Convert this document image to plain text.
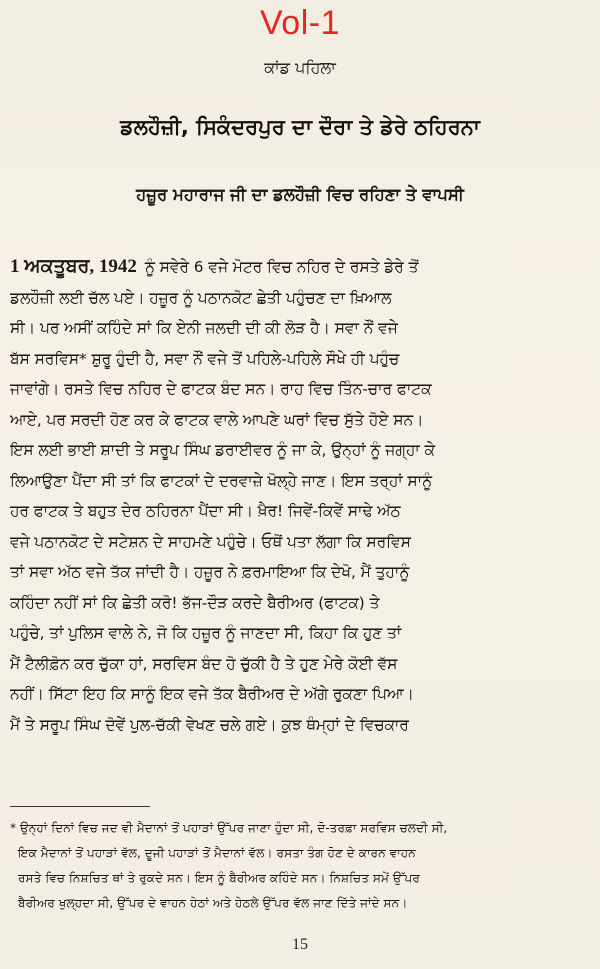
Vol-1
ਕਾਂਡ ਪਹਿਲਾ
ਡਲਹੌਜ਼ੀ, ਸਿਕੰਦਰਪੁਰ ਦਾ ਦੌਰਾ ਤੇ ਡੇਰੇ ਠਹਿਰਨਾ
ਹਜ਼ੂਰ ਮਹਾਰਾਜ ਜੀ ਦਾ ਡਲਹੌਜ਼ੀ ਵਿਚ ਰਹਿਣਾ ਤੇ ਵਾਪਸੀ
1 ਅਕਤੂਬਰ, 1942 ਨੂੰ ਸਵੇਰੇ 6 ਵਜੇ ਮੋਟਰ ਵਿਚ ਨਹਿਰ ਦੇ ਰਸਤੇ ਡੇਰੇ ਤੋਂ
ਡਲਹੌਜ਼ੀ ਲਈ ਚੱਲ ਪਏ। ਹਜ਼ੂਰ ਨੂੰ ਪਠਾਨਕੋਟ ਛੇਤੀ ਪਹੁੰਚਣ ਦਾ ਖ਼ਿਆਲ
ਸੀ। ਪਰ ਅਸੀਂ ਕਹਿੰਦੇ ਸਾਂ ਕਿ ਏਨੀ ਜਲਦੀ ਦੀ ਕੀ ਲੋੜ ਹੈ। ਸਵਾ ਨੌਂ ਵਜੇ
ਬੱਸ ਸਰਵਿਸ* ਸ਼ੁਰੂ ਹੁੰਦੀ ਹੈ, ਸਵਾ ਨੌਂ ਵਜੇ ਤੋਂ ਪਹਿਲੇ-ਪਹਿਲੇ ਸੌਖੇ ਹੀ ਪਹੁੰਚ
ਜਾਵਾਂਗੇ। ਰਸਤੇ ਵਿਚ ਨਹਿਰ ਦੇ ਫਾਟਕ ਬੰਦ ਸਨ। ਰਾਹ ਵਿਚ ਤਿੰਨ-ਚਾਰ ਫਾਟਕ
ਆਏ, ਪਰ ਸਰਦੀ ਹੋਣ ਕਰ ਕੇ ਫਾਟਕ ਵਾਲੇ ਆਪਣੇ ਘਰਾਂ ਵਿਚ ਸੁੱਤੇ ਹੋਏ ਸਨ।
ਇਸ ਲਈ ਭਾਈ ਸ਼ਾਦੀ ਤੇ ਸਰੂਪ ਸਿੰਘ ਡਰਾਈਵਰ ਨੂੰ ਜਾ ਕੇ, ਉਨ੍ਹਾਂ ਨੂੰ ਜਗ੍ਹਾ ਕੇ
ਲਿਆਉਣਾ ਪੈਂਦਾ ਸੀ ਤਾਂ ਕਿ ਫਾਟਕਾਂ ਦੇ ਦਰਵਾਜ਼ੇ ਖੋਲ੍ਹੇ ਜਾਣ। ਇਸ ਤਰ੍ਹਾਂ ਸਾਨੂੰ
ਹਰ ਫਾਟਕ ਤੇ ਬਹੁਤ ਦੇਰ ਠਹਿਰਨਾ ਪੈਂਦਾ ਸੀ। ਖ਼ੈਰ! ਜਿਵੇਂ-ਕਿਵੇਂ ਸਾਢੇ ਅੱਠ
ਵਜੇ ਪਠਾਨਕੋਟ ਦੇ ਸਟੇਸ਼ਨ ਦੇ ਸਾਹਮਣੇ ਪਹੁੰਚੇ। ਓਥੋਂ ਪਤਾ ਲੱਗਾ ਕਿ ਸਰਵਿਸ
ਤਾਂ ਸਵਾ ਅੱਠ ਵਜੇ ਤੱਕ ਜਾਂਦੀ ਹੈ। ਹਜ਼ੂਰ ਨੇ ਫ਼ਰਮਾਇਆ ਕਿ ਦੇਖੋ, ਮੈਂ ਤੁਹਾਨੂੰ
ਕਹਿੰਦਾ ਨਹੀਂ ਸਾਂ ਕਿ ਛੇਤੀ ਕਰੋ! ਭੱਜ-ਦੌੜ ਕਰਦੇ ਬੈਰੀਅਰ (ਫਾਟਕ) ਤੇ
ਪਹੁੰਚੇ, ਤਾਂ ਪੁਲਿਸ ਵਾਲੇ ਨੇ, ਜੋ ਕਿ ਹਜ਼ੂਰ ਨੂੰ ਜਾਣਦਾ ਸੀ, ਕਿਹਾ ਕਿ ਹੁਣ ਤਾਂ
ਮੈਂ ਟੈਲੀਫ਼ੋਨ ਕਰ ਚੁੱਕਾ ਹਾਂ, ਸਰਵਿਸ ਬੰਦ ਹੋ ਚੁੱਕੀ ਹੈ ਤੇ ਹੁਣ ਮੇਰੇ ਕੋਈ ਵੱਸ
ਨਹੀਂ। ਸਿੱਟਾ ਇਹ ਕਿ ਸਾਨੂੰ ਇਕ ਵਜੇ ਤੱਕ ਬੈਰੀਅਰ ਦੇ ਅੱਗੇ ਰੁਕਣਾ ਪਿਆ।
ਮੈਂ ਤੇ ਸਰੂਪ ਸਿੰਘ ਦੋਵੇਂ ਪੁਲ-ਚੱਕੀ ਵੇਖਣ ਚਲੇ ਗਏ। ਕੁਝ ਥੰਮ੍ਹਾਂ ਦੇ ਵਿਚਕਾਰ
* ਉਨ੍ਹਾਂ ਦਿਨਾਂ ਵਿਚ ਜਦ ਵੀ ਮੈਦਾਨਾਂ ਤੋਂ ਪਹਾੜਾਂ ਉੱਪਰ ਜਾਣਾ ਹੁੰਦਾ ਸੀ, ਦੋ-ਤਰਫ਼ਾ ਸਰਵਿਸ ਚਲਦੀ ਸੀ,
ਇਕ ਮੈਦਾਨਾਂ ਤੋਂ ਪਹਾੜਾਂ ਵੱਲ, ਦੂਜੀ ਪਹਾੜਾਂ ਤੋਂ ਮੈਦਾਨਾਂ ਵੱਲ। ਰਸਤਾ ਤੰਗ ਹੋਣ ਦੇ ਕਾਰਨ ਵਾਹਨ
ਰਸਤੇ ਵਿਚ ਨਿਸ਼ਚਿਤ ਥਾਂ ਤੇ ਰੁਕਦੇ ਸਨ। ਇਸ ਨੂੰ ਬੈਰੀਅਰ ਕਹਿੰਦੇ ਸਨ। ਨਿਸ਼ਚਿਤ ਸਮੇਂ ਉੱਪਰ
ਬੈਰੀਅਰ ਖੁਲ੍ਹਦਾ ਸੀ, ਉੱਪਰ ਦੇ ਵਾਹਨ ਹੇਠਾਂ ਅਤੇ ਹੇਠਲੇ ਉੱਪਰ ਵੱਲ ਜਾਣ ਦਿੱਤੇ ਜਾਂਦੇ ਸਨ।
15
